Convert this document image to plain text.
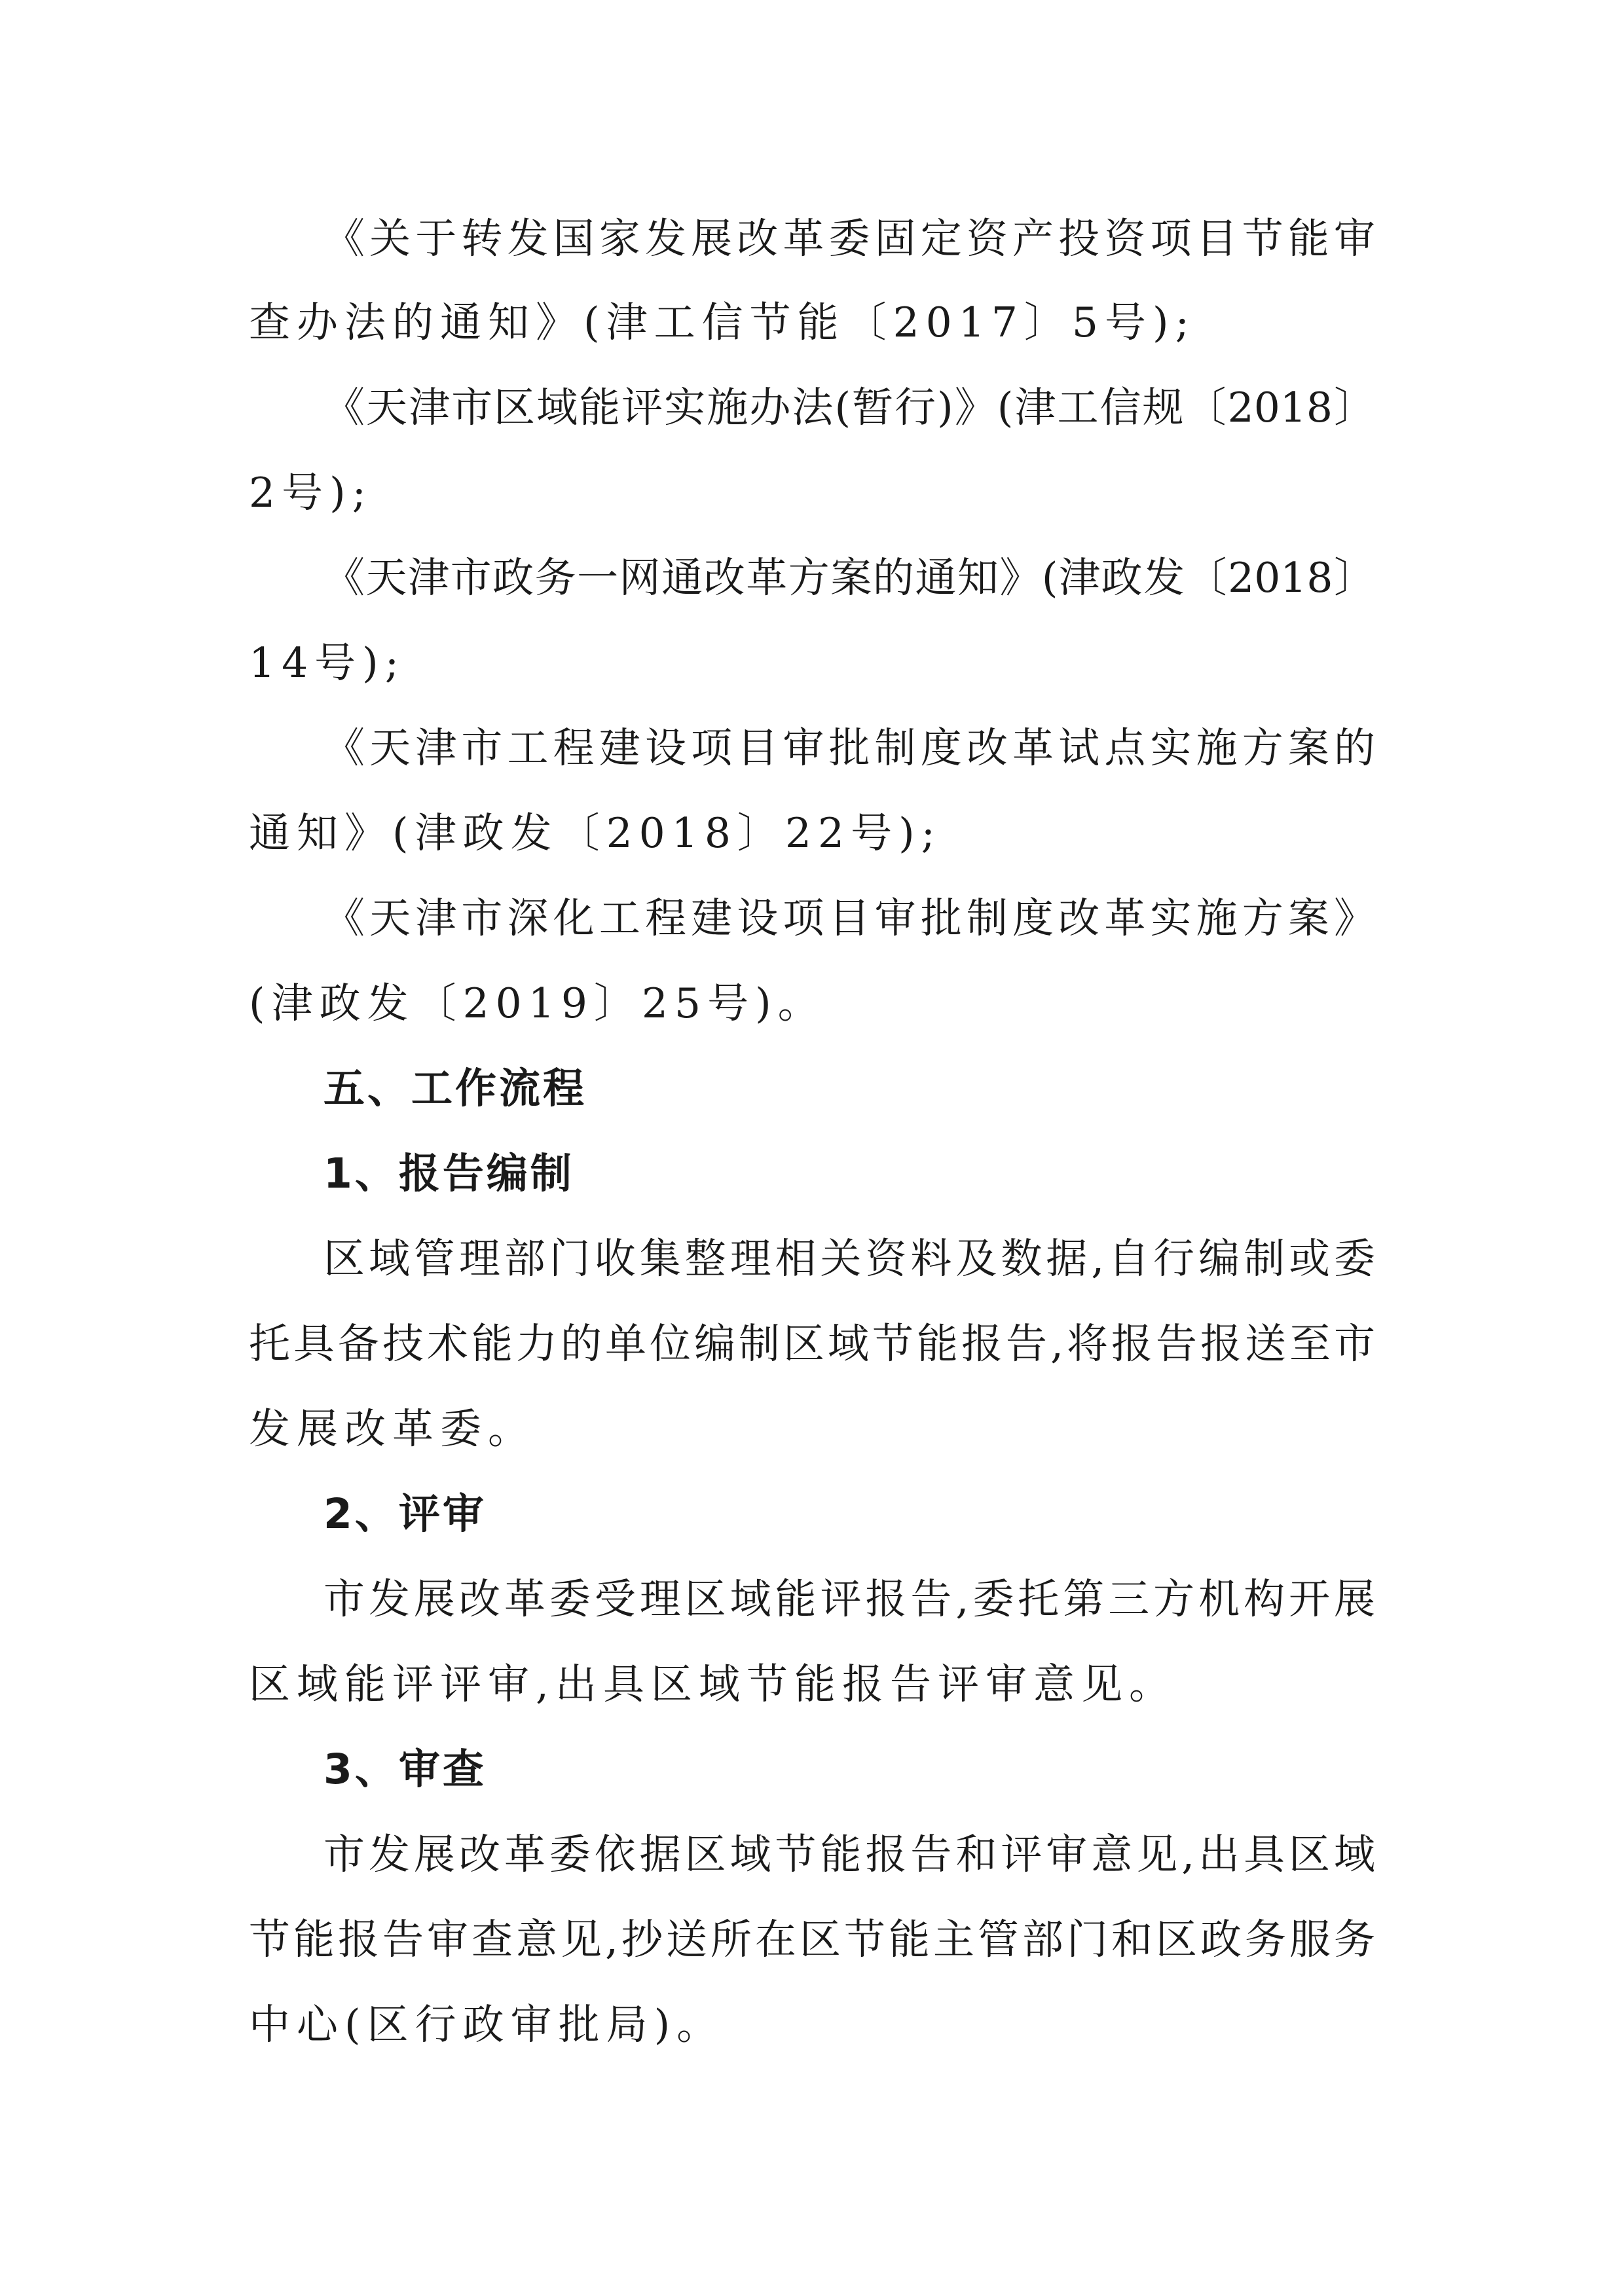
《关于转发国家发展改革委固定资产投资项目节能审
查办法的通知》(津工信节能〔2017〕5号);
《天津市区域能评实施办法(暂行)》(津工信规〔2018〕
2号);
《天津市政务一网通改革方案的通知》(津政发〔2018〕
14号);
《天津市工程建设项目审批制度改革试点实施方案的
通知》(津政发〔2018〕22号);
《天津市深化工程建设项目审批制度改革实施方案》
(津政发〔2019〕25号)。
五、工作流程
1、报告编制
区域管理部门收集整理相关资料及数据,自行编制或委
托具备技术能力的单位编制区域节能报告,将报告报送至市
发展改革委。
2、评审
市发展改革委受理区域能评报告,委托第三方机构开展
区域能评评审,出具区域节能报告评审意见。
3、审查
市发展改革委依据区域节能报告和评审意见,出具区域
节能报告审查意见,抄送所在区节能主管部门和区政务服务
中心(区行政审批局)。
